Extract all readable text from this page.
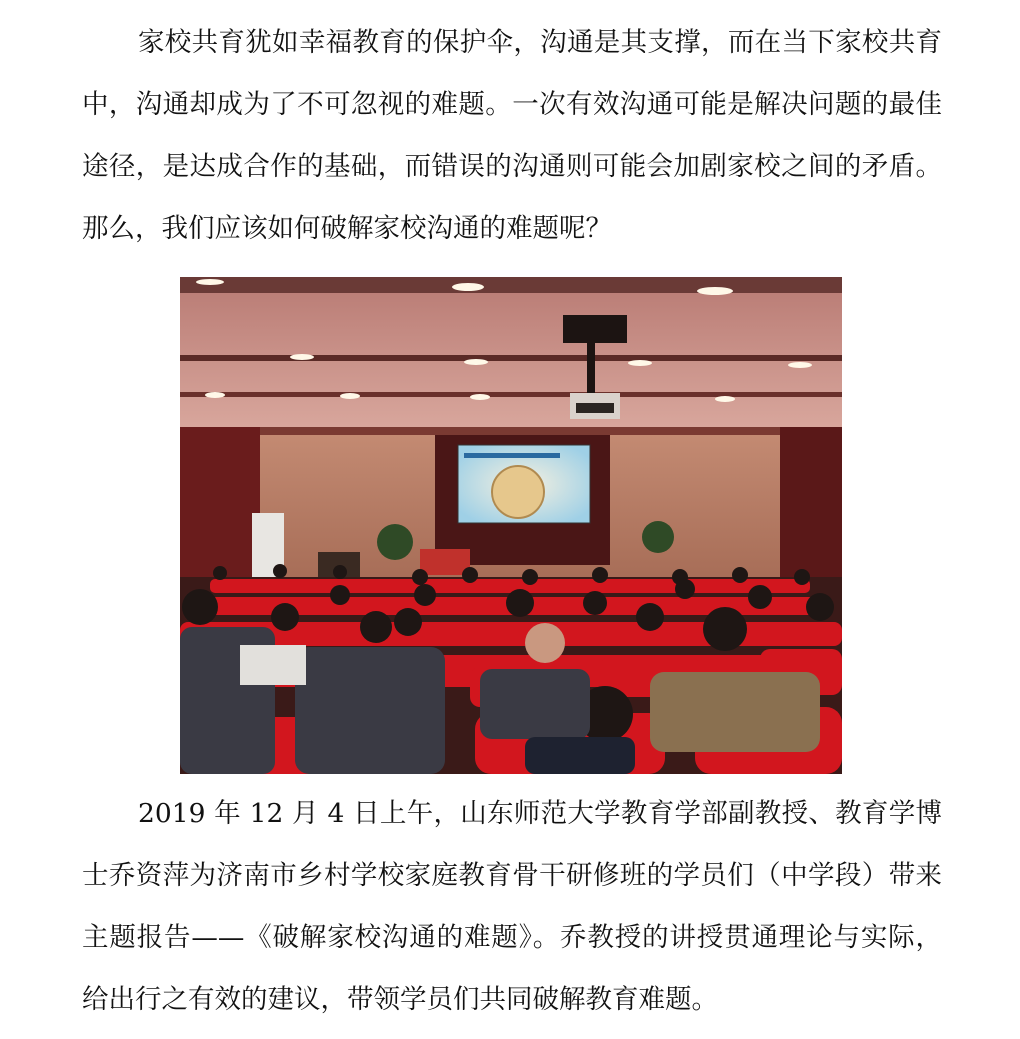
家校共育犹如幸福教育的保护伞，沟通是其支撑，而在当下家校共育中，沟通却成为了不可忽视的难题。一次有效沟通可能是解决问题的最佳途径，是达成合作的基础，而错误的沟通则可能会加剧家校之间的矛盾。那么，我们应该如何破解家校沟通的难题呢？

2019 年 12 月 4 日上午，山东师范大学教育学部副教授、教育学博士乔资萍为济南市乡村学校家庭教育骨干研修班的学员们（中学段）带来主题报告——《破解家校沟通的难题》。乔教授的讲授贯通理论与实际，给出行之有效的建议，带领学员们共同破解教育难题。
